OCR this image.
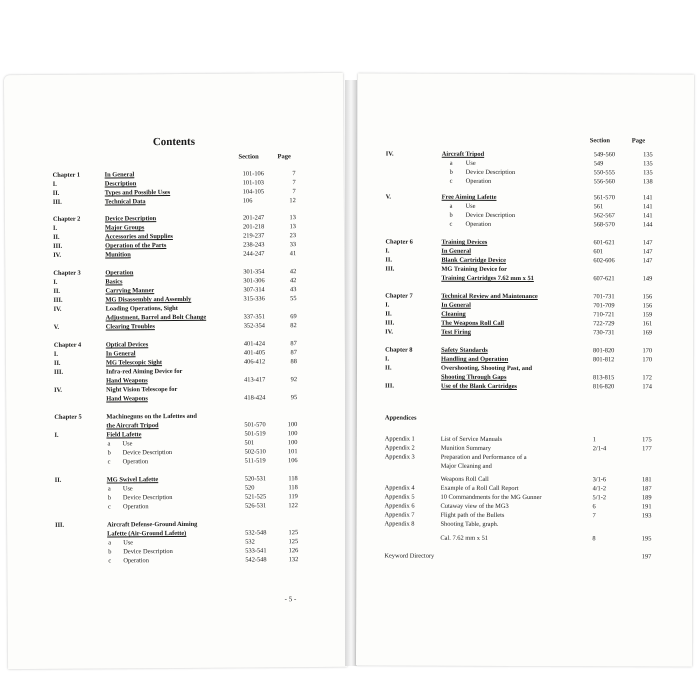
Contents
Section	Page
Chapter 1	In General	101-106	7
I.	Description	101-103	7
II.	Types and Possible Uses	104-105	7
III.	Technical Data	106	12
Chapter 2	Device Description	201-247	13
I.	Major Groups	201-218	13
II.	Accessories and Supplies	219-237	23
III.	Operation of the Parts	238-243	33
IV.	Munition	244-247	41
Chapter 3	Operation	301-354	42
I.	Basics	301-306	42
II.	Carrying Manner	307-314	43
III.	MG Disassembly and Assembly	315-336	55
IV.	Loading Operations, Sight
Adjustment, Barrel and Bolt Change	337-351	69
V.	Clearing Troubles	352-354	82
Chapter 4	Optical Devices	401-424	87
I.	In General	401-405	87
II.	MG Telescopic Sight	406-412	88
III.	Infra-red Aiming Device for
Hand Weapons	413-417	92
IV.	Night Vision Telescope for
Hand Weapons	418-424	95
Chapter 5	Machineguns on the Lafettes and
the Aircraft Tripod	501-570	100
I.	Field Lafette	501-519	100
a Use	501	100
b Device Description	502-510	101
c Operation	511-519	106
II.	MG Swivel Lafette	520-531	118
a Use	520	118
b Device Description	521-525	119
c Operation	526-531	122
III.	Aircraft Defense-Ground Aiming
Lafette (Air-Ground Lafette)	532-548	125
a Use	532	125
b Device Description	533-541	126
c Operation	542-548	132
- 5 -
Section	Page
IV.	Aircraft Tripod	549-560	135
a Use	549	135
b Device Description	550-555	135
c Operation	556-560	138
V.	Free Aiming Lafette	561-570	141
a Use	561	141
b Device Description	562-567	141
c Operation	568-570	144
Chapter 6	Training Devices	601-621	147
I.	In General	601	147
II.	Blank Cartridge Device	602-606	147
III.	MG Training Device for
Training Cartridges 7.62 mm x 51	607-621	149
Chapter 7	Technical Review and Maintenance	701-731	156
I.	In General	701-709	156
II.	Cleaning	710-721	159
III.	The Weapons Roll Call	722-729	161
IV.	Test Firing	730-731	169
Chapter 8	Safety Standards	801-820	170
I.	Handling and Operation	801-812	170
II.	Overshooting, Shooting Past, and
Shooting Through Gaps	813-815	172
III.	Use of the Blank Cartridges	816-820	174
Appendices
Appendix 1	List of Service Manuals	1	175
Appendix 2	Munition Summary	2/1-4	177
Appendix 3	Preparation and Performance of a
Major Cleaning and
Weapons Roll Call	3/1-6	181
Appendix 4	Example of a Roll Call Report	4/1-2	187
Appendix 5	10 Commandments for the MG Gunner	5/1-2	189
Appendix 6	Cutaway view of the MG3	6	191
Appendix 7	Flight path of the Bullets	7	193
Appendix 8	Shooting Table, graph.
Cal. 7.62 mm x 51	8	195
Keyword Directory	197
